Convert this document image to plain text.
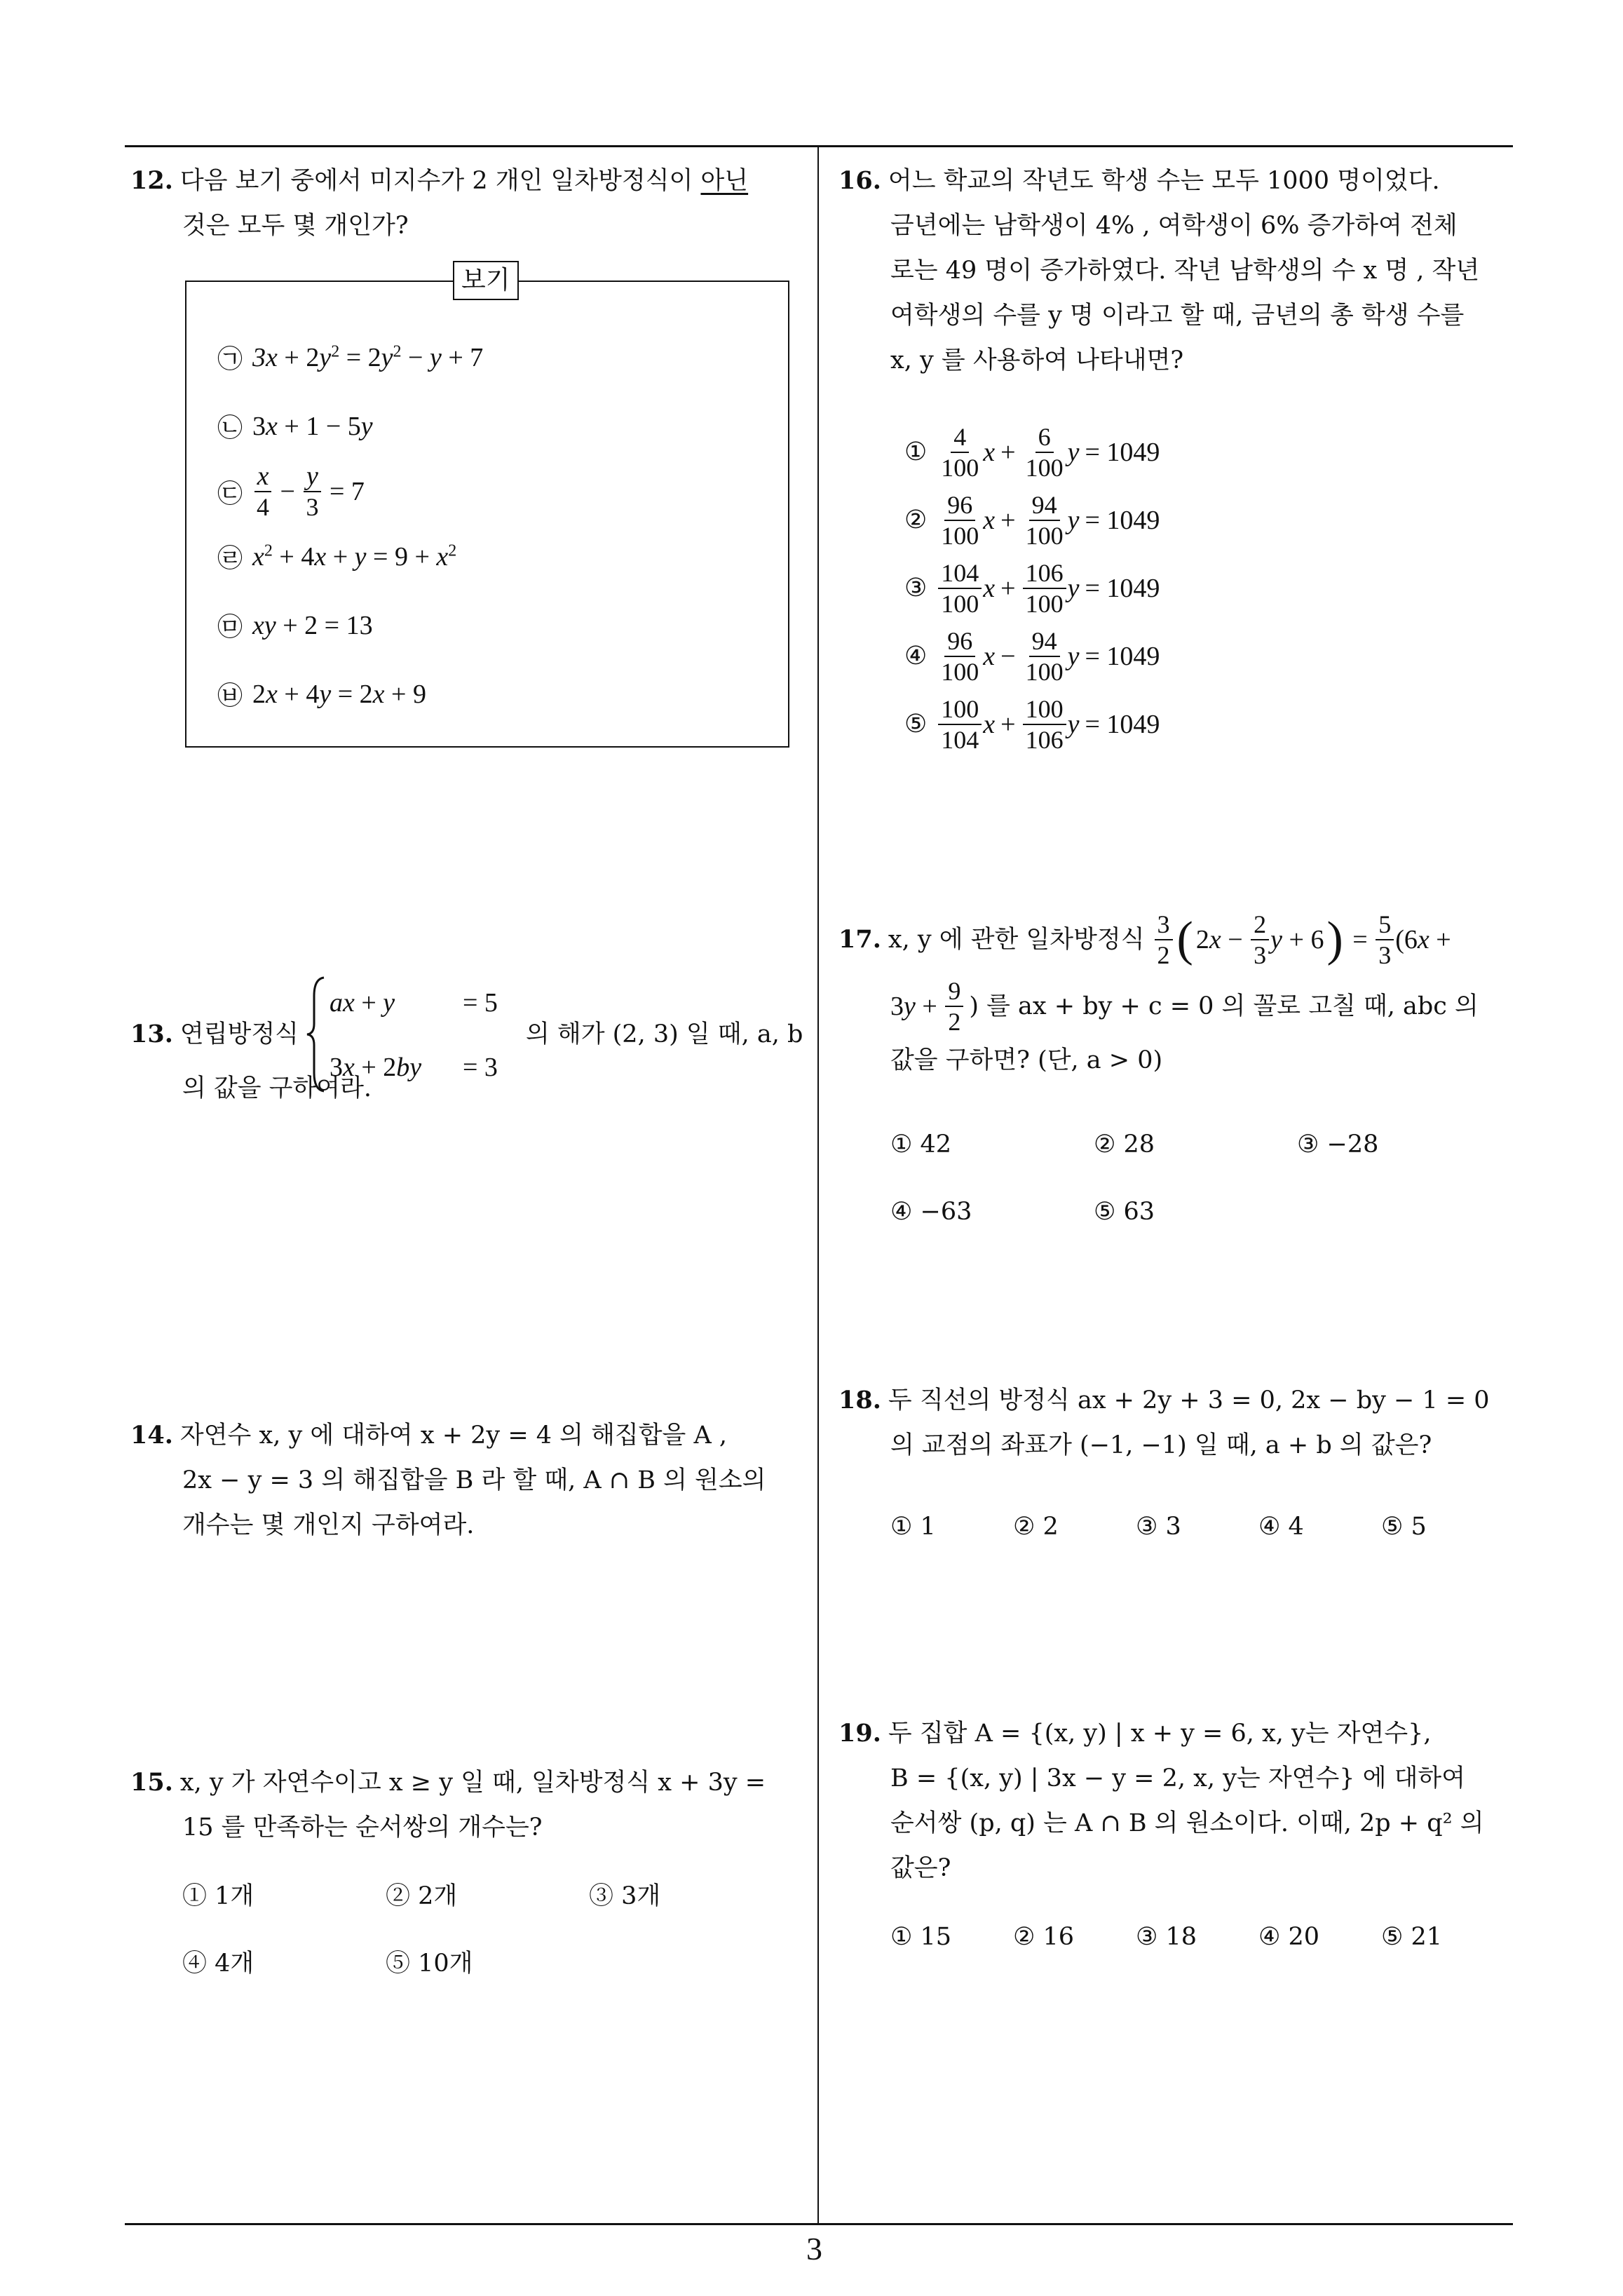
3
12. 다음 보기 중에서 미지수가 2 개인 일차방정식이 아닌
것은 모두 몇 개인가?
보기
㉠ $3x + 2y^2 = 2y^2 - y + 7$
㉡ 3x + 1 − 5y
㉢ $\frac{x}{4} - \frac{y}{3} = 7$
㉣ $x^2 + 4x + y = 9 + x^2$
㉤ xy + 2 = 13
㉥ 2x + 4y = 2x + 9
13. 연립방정식
ax + y	= 5
3x + 2by = 3
의 해가 (2, 3) 일 때, a, b
의 값을 구하여라.
14. 자연수 x, y 에 대하여 x + 2y = 4 의 해집합을 A ,
2x − y = 3 의 해집합을 B 라 할 때, A ∩ B 의 원소의
개수는 몇 개인지 구하여라.
15. x, y 가 자연수이고 x ≥ y 일 때, 일차방정식 x + 3y =
15 를 만족하는 순서쌍의 개수는?
① 1개	② 2개	③ 3개
④ 4개	⑤ 10개
16. 어느 학교의 작년도 학생 수는 모두 1000 명이었다.
금년에는 남학생이 4% , 여학생이 6% 증가하여 전체
로는 49 명이 증가하였다. 작년 남학생의 수 x 명 , 작년
여학생의 수를 y 명 이라고 할 때, 금년의 총 학생 수를
x, y 를 사용하여 나타내면?
① $\frac{4}{100}$ $x + \frac{6}{100}$ y = 1049
② $\frac{96}{100}$ $x + \frac{94}{100}$ y = 1049
③ $\frac{104}{100}$ $x + \frac{106}{100}$ y = 1049
④ $\frac{96}{100}$ $x - \frac{94}{100}$ y = 1049
⑤ $\frac{100}{104}$ $x + \frac{100}{106}$ y = 1049
17. x, y 에 관한 일차방정식 $\frac{3}{2}$ ( 2 $x - \frac{2}{3}$ y + 6 ) = $\frac{5}{3} (6$ x +
3 $y + \frac{9}{2}$ ) 를 ax + by + c = 0 의 꼴로 고칠 때, abc 의
값을 구하면? (단, a > 0)
① 42	② 28	③ −28
④ −63	⑤ 63
18. 두 직선의 방정식 ax + 2y + 3 = 0, 2x − by − 1 = 0
의 교점의 좌표가 (−1, −1) 일 때, a + b 의 값은?
① 1	② 2	③ 3	④ 4	⑤ 5
19. 두 집합 A = {(x, y) | x + y = 6, x, y는 자연수},
B = {(x, y) | 3x − y = 2, x, y는 자연수} 에 대하여
순서쌍 (p, q) 는 A ∩ B 의 원소이다. 이때, 2p + q² 의
값은?
① 15	② 16	③ 18	④ 20	⑤ 21
